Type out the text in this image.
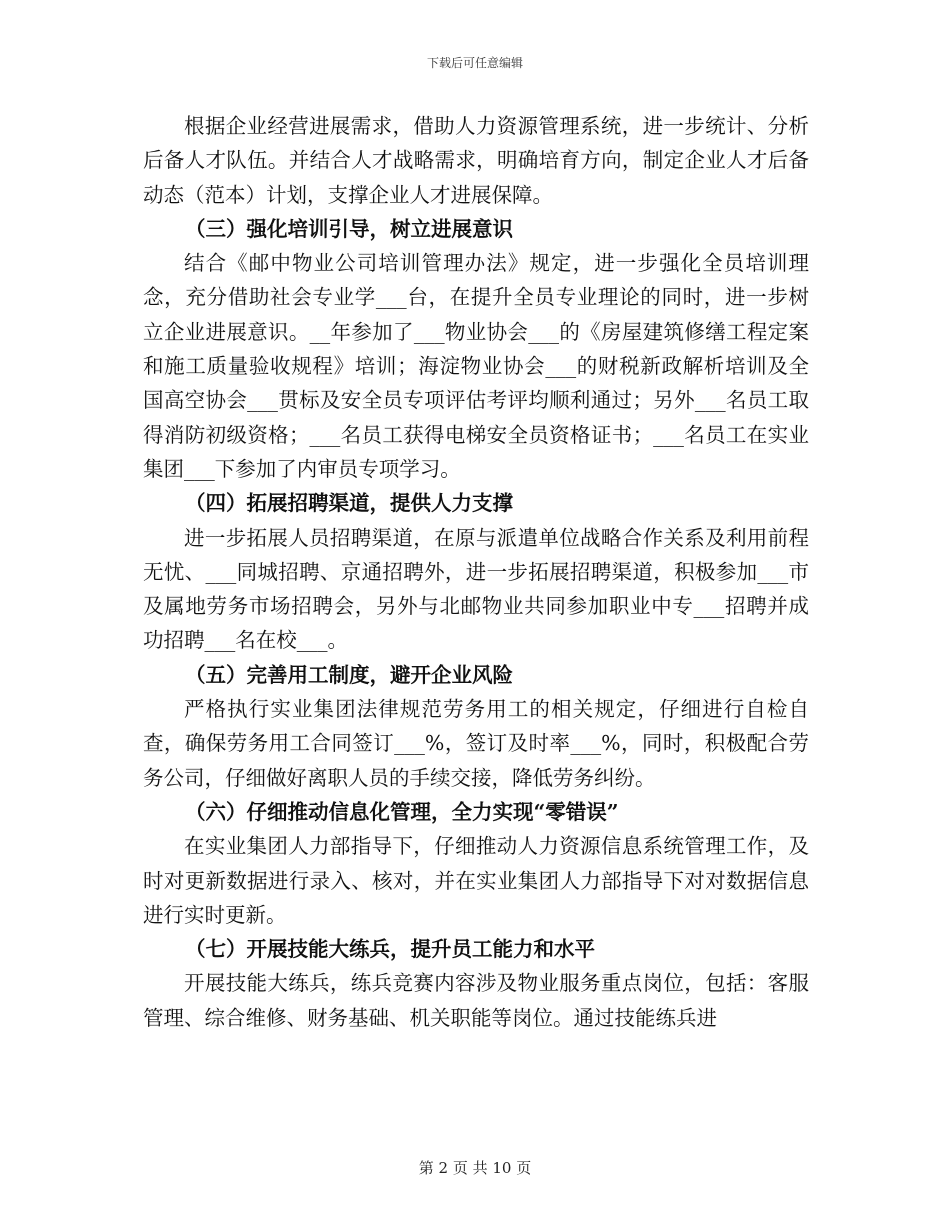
下载后可任意编辑

根据企业经营进展需求，借助人力资源管理系统，进一步统计、分析后备人才队伍。并结合人才战略需求，明确培育方向，制定企业人才后备动态（范本）计划，支撑企业人才进展保障。

（三）强化培训引导，树立进展意识

结合《邮中物业公司培训管理办法》规定，进一步强化全员培训理念，充分借助社会专业学___台，在提升全员专业理论的同时，进一步树立企业进展意识。__年参加了___物业协会___的《房屋建筑修缮工程定案和施工质量验收规程》培训；海淀物业协会___的财税新政解析培训及全国高空协会___贯标及安全员专项评估考评均顺利通过；另外___名员工取得消防初级资格；___名员工获得电梯安全员资格证书；___名员工在实业集团___下参加了内审员专项学习。

（四）拓展招聘渠道，提供人力支撑

进一步拓展人员招聘渠道，在原与派遣单位战略合作关系及利用前程无忧、___同城招聘、京通招聘外，进一步拓展招聘渠道，积极参加___市及属地劳务市场招聘会，另外与北邮物业共同参加职业中专___招聘并成功招聘___名在校___。

（五）完善用工制度，避开企业风险

严格执行实业集团法律规范劳务用工的相关规定，仔细进行自检自查，确保劳务用工合同签订___%，签订及时率___%，同时，积极配合劳务公司，仔细做好离职人员的手续交接，降低劳务纠纷。

（六）仔细推动信息化管理，全力实现“零错误”

在实业集团人力部指导下，仔细推动人力资源信息系统管理工作，及时对更新数据进行录入、核对，并在实业集团人力部指导下对对数据信息进行实时更新。

（七）开展技能大练兵，提升员工能力和水平

开展技能大练兵，练兵竞赛内容涉及物业服务重点岗位，包括：客服管理、综合维修、财务基础、机关职能等岗位。通过技能练兵进

第 2 页 共 10 页
